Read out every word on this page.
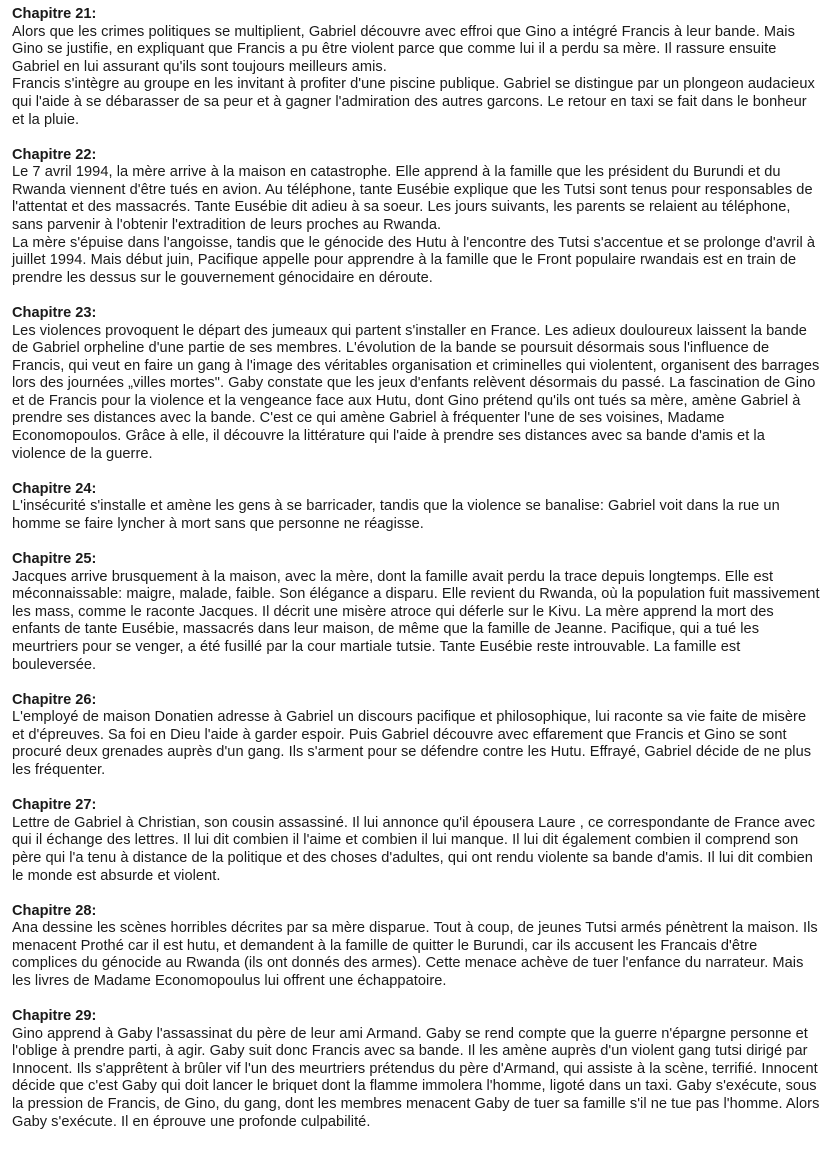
Chapitre 21:

Alors que les crimes politiques se multiplient, Gabriel découvre avec effroi que Gino a intégré Francis à leur bande. Mais Gino se justifie, en expliquant que Francis a pu être violent parce que comme lui il a perdu sa mère. Il rassure ensuite Gabriel en lui assurant qu'ils sont toujours meilleurs amis.

Francis s'intègre au groupe en les invitant à profiter d'une piscine publique. Gabriel se distingue par un plongeon audacieux qui l'aide à se débarasser de sa peur et à gagner l'admiration des autres garcons. Le retour en taxi se fait dans le bonheur et la pluie.

Chapitre 22:

Le 7 avril 1994, la mère arrive à la maison en catastrophe. Elle apprend à la famille que les président du Burundi et du Rwanda viennent d'être tués en avion. Au téléphone, tante Eusébie explique que les Tutsi sont tenus pour responsables de l'attentat et des massacrés. Tante Eusébie dit adieu à sa soeur. Les jours suivants, les parents se relaient au téléphone, sans parvenir à l'obtenir l'extradition de leurs proches au Rwanda.

La mère s'épuise dans l'angoisse, tandis que le génocide des Hutu à l'encontre des Tutsi s'accentue et se prolonge d'avril à juillet 1994. Mais début juin, Pacifique appelle pour apprendre à la famille que le Front populaire rwandais est en train de prendre les dessus sur le gouvernement génocidaire en déroute.

Chapitre 23:

Les violences provoquent le départ des jumeaux qui partent s'installer en France. Les adieux douloureux laissent la bande de Gabriel orpheline d'une partie de ses membres. L'évolution de la bande se poursuit désormais sous l'influence de Francis, qui veut en faire un gang à l'image des véritables organisation et criminelles qui violentent, organisent des barrages lors des journées „villes mortes". Gaby constate que les jeux d'enfants relèvent désormais du passé. La fascination de Gino et de Francis pour la violence et la vengeance face aux Hutu, dont Gino prétend qu'ils ont tués sa mère, amène Gabriel à prendre ses distances avec la bande. C'est ce qui amène Gabriel à fréquenter l'une de ses voisines, Madame Economopoulos. Grâce à elle, il découvre la littérature qui l'aide à prendre ses distances avec sa bande d'amis et la violence de la guerre.

Chapitre 24:

L'insécurité s'installe et amène les gens à se barricader, tandis que la violence se banalise: Gabriel voit dans la rue un homme se faire lyncher à mort sans que personne ne réagisse.

Chapitre 25:

Jacques arrive brusquement à la maison, avec la mère, dont la famille avait perdu la trace depuis longtemps. Elle est méconnaissable: maigre, malade, faible. Son élégance a disparu. Elle revient du Rwanda, où la population fuit massivement les mass, comme le raconte Jacques. Il décrit une misère atroce qui déferle sur le Kivu. La mère apprend la mort des enfants de tante Eusébie, massacrés dans leur maison, de même que la famille de Jeanne. Pacifique, qui a tué les meurtriers pour se venger, a été fusillé par la cour martiale tutsie. Tante Eusébie reste introuvable. La famille est bouleversée.

Chapitre 26:

L'employé de maison Donatien adresse à Gabriel un discours pacifique et philosophique, lui raconte sa vie faite de misère et d'épreuves. Sa foi en Dieu l'aide à garder espoir. Puis Gabriel découvre avec effarement que Francis et Gino se sont procuré deux grenades auprès d'un gang. Ils s'arment pour se défendre contre les Hutu. Effrayé, Gabriel décide de ne plus les fréquenter.

Chapitre 27:

Lettre de Gabriel à Christian, son cousin assassiné. Il lui annonce qu'il épousera Laure , ce correspondante de France avec qui il échange des lettres. Il lui dit combien il l'aime et combien il lui manque. Il lui dit également combien il comprend son père qui l'a tenu à distance de la politique et des choses d'adultes, qui ont rendu violente sa bande d'amis. Il lui dit combien le monde est absurde et violent.

Chapitre 28:

Ana dessine les scènes horribles décrites par sa mère disparue. Tout à coup, de jeunes Tutsi armés pénètrent la maison. Ils menacent Prothé car il est hutu, et demandent à la famille de quitter le Burundi, car ils accusent les Francais d'être complices du génocide au Rwanda (ils ont donnés des armes). Cette menace achève de tuer l'enfance du narrateur. Mais les livres de Madame Economopoulus lui offrent une échappatoire.

Chapitre 29:

Gino apprend à Gaby l'assassinat du père de leur ami Armand. Gaby se rend compte que la guerre n'épargne personne et l'oblige à prendre parti, à agir. Gaby suit donc Francis avec sa bande. Il les amène auprès d'un violent gang tutsi dirigé par Innocent. Ils s'apprêtent à brûler vif l'un des meurtriers prétendus du père d'Armand, qui assiste à la scène, terrifié. Innocent décide que c'est Gaby qui doit lancer le briquet dont la flamme immolera l'homme, ligoté dans un taxi. Gaby s'exécute, sous la pression de Francis, de Gino, du gang, dont les membres menacent Gaby de tuer sa famille s'il ne tue pas l'homme. Alors Gaby s'exécute. Il en éprouve une profonde culpabilité.
